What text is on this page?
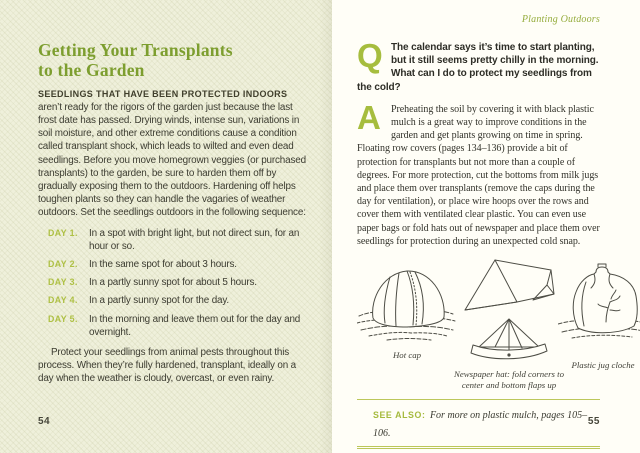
Getting Your Transplants
to the Garden

SEEDLINGS THAT HAVE BEEN PROTECTED INDOORS aren’t ready for the rigors of the garden just because the last frost date has passed. Drying winds, intense sun, variations in soil moisture, and other extreme conditions cause a condition called transplant shock, which leads to wilted and even dead seedlings. Before you move homegrown veggies (or purchased transplants) to the garden, be sure to harden them off by gradually exposing them to the outdoors. Hardening off helps toughen plants so they can handle the vagaries of weather outdoors. Set the seedlings outdoors in the following sequence:

DAY 1.	In a spot with bright light, but not direct sun, for an hour or so.
DAY 2.	In the same spot for about 3 hours.
DAY 3.	In a partly sunny spot for about 5 hours.
DAY 4.	In a partly sunny spot for the day.
DAY 5.	In the morning and leave them out for the day and overnight.

Protect your seedlings from animal pests throughout this process. When they’re fully hardened, transplant, ideally on a day when the weather is cloudy, overcast, or even rainy.

54
Planting Outdoors
Q The calendar says it’s time to start planting, but it still seems pretty chilly in the morning. What can I do to protect my seedlings from the cold?

A	Preheating the soil by covering it with black plastic mulch is a great way to improve conditions in the garden and get plants growing on time in spring. Floating row covers (pages 134–136) provide a bit of protection for transplants but not more than a couple of degrees. For more protection, cut the bottoms from milk jugs and place them over transplants (remove the caps during the day for ventilation), or place wire hoops over the rows and cover them with ventilated clear plastic. You can even use paper bags or fold hats out of newspaper and place them over seedlings for protection during an unexpected cold snap.

Hot cap
Newspaper hat: fold corners to center and bottom flaps up
Plastic jug cloche
SEE ALSO: For more on plastic mulch, pages 105–106.
55
